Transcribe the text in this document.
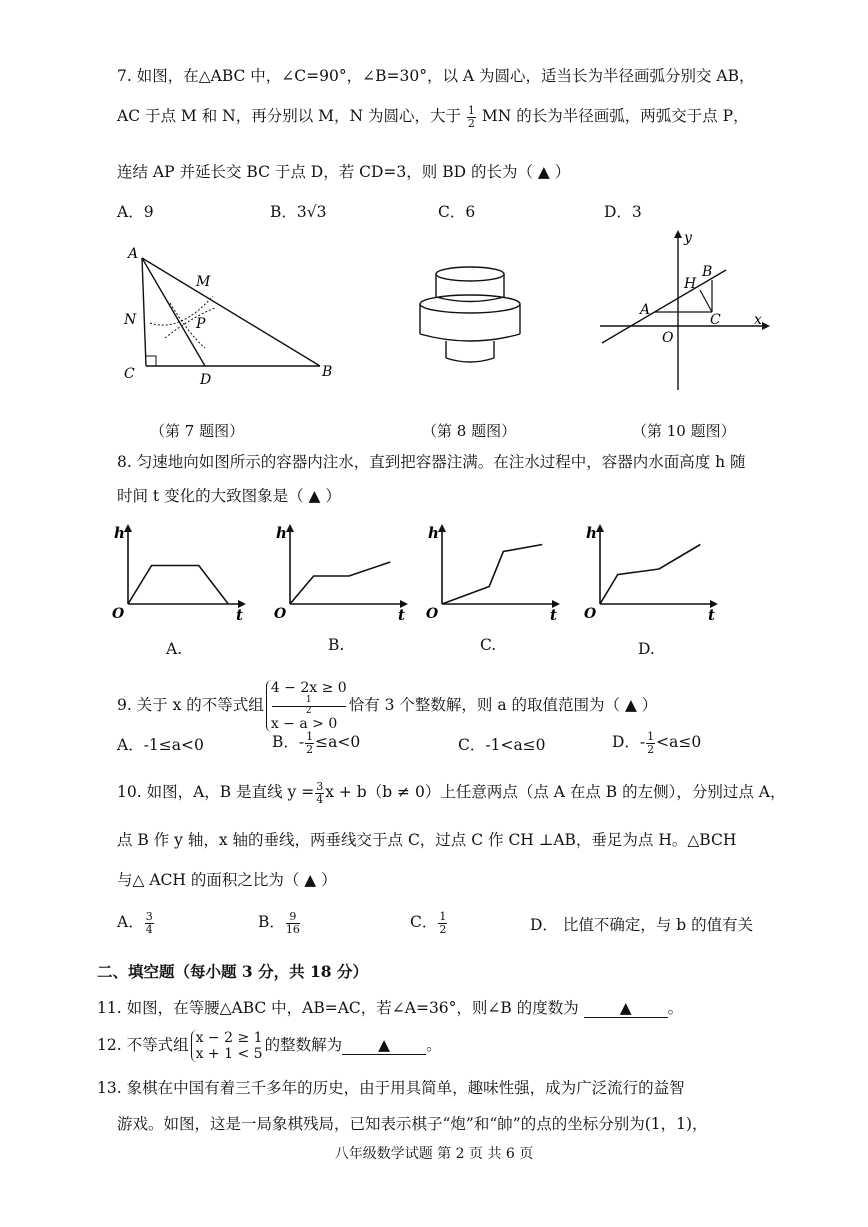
7. 如图，在△ABC 中，∠C=90°，∠B=30°，以 A 为圆心，适当长为半径画弧分别交 AB，
AC 于点 M 和 N，再分别以 M，N 为圆心，大于 $\frac{1}{2}$ MN 的长为半径画弧，两弧交于点 P，
连结 AP 并延长交 BC 于点 D，若 CD=3，则 BD 的长为（ ▲ ）
A．9	B．3√3	C．6	D．3
A
M
N	P
C	D	B
（第 7 题图）	（第 8 题图）
y
B
H
A
C x
O
（第 10 题图）
8. 匀速地向如图所示的容器内注水，直到把容器注满。在注水过程中，容器内水面高度 h 随
时间 t 变化的大致图象是（ ▲ ）
h
t
O
A.
h
t
O
B.
h
t
O
C.
h
t
O
D.
9. 关于 x 的不等式组
4 − 2x ≥ 0
1
2
x − a > 0
恰有 3 个整数解，则 a 的取值范围为（ ▲ ）
A．-1≤a<0	B．- $\frac{1}{2} \le a<0$	C．-1<a≤0	D．- $\frac{1}{2} <a\le 0$
10. 如图，A，B 是直线 $y = \frac{3}{4}$ x + b（b ≠ 0）上任意两点（点 A 在点 B 的左侧），分别过点 A，
点 B 作 y 轴，x 轴的垂线，两垂线交于点 C，过点 C 作 CH ⊥AB，垂足为点 H。△BCH
与△ ACH 的面积之比为（ ▲ ）
A． $\frac{3}{4}$	B． $\frac{9}{16}$	C． $\frac{1}{2}$	D． 比值不确定，与 b 的值有关
二、填空题（每小题 3 分，共 18 分）
11. 如图，在等腰△ABC 中，AB=AC，若∠A=36°，则∠B 的度数为	▲ 。
12. 不等式组 x − 2 ≥ 1
x + 1 < 5 的整数解为 ▲ 。
13. 象棋在中国有着三千多年的历史，由于用具简单，趣味性强，成为广泛流行的益智
游戏。如图，这是一局象棋残局，已知表示棋子“炮”和“帥”的点的坐标分别为(1，1)，
八年级数学试题 第 2 页 共 6 页
